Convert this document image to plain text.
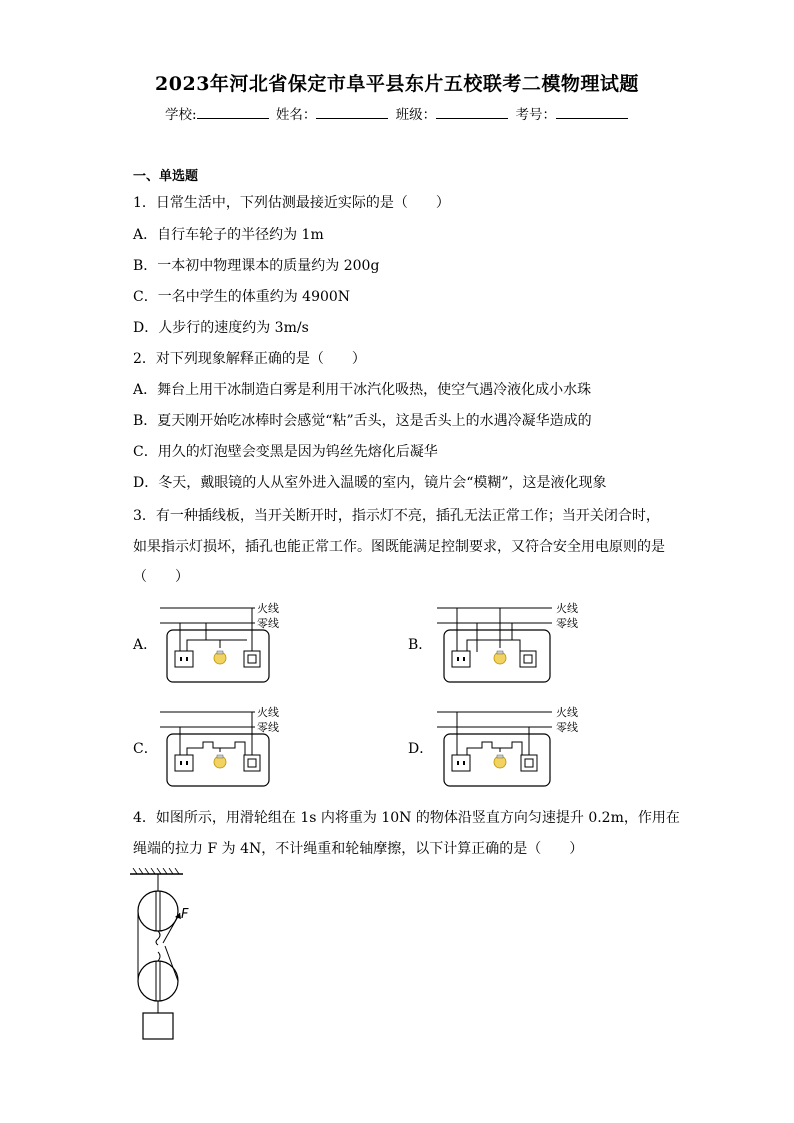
2023年河北省保定市阜平县东片五校联考二模物理试题
学校:	姓名：	班级：	考号：
一、单选题
1．日常生活中，下列估测最接近实际的是（　　）
A．自行车轮子的半径约为 1m
B．一本初中物理课本的质量约为 200g
C．一名中学生的体重约为 4900N
D．人步行的速度约为 3m/s
2．对下列现象解释正确的是（　　）
A．舞台上用干冰制造白雾是利用干冰汽化吸热，使空气遇冷液化成小水珠
B．夏天刚开始吃冰棒时会感觉“粘”舌头，这是舌头上的水遇冷凝华造成的
C．用久的灯泡壁会变黑是因为钨丝先熔化后凝华
D．冬天，戴眼镜的人从室外进入温暖的室内，镜片会“模糊”，这是液化现象
3．有一种插线板，当开关断开时，指示灯不亮，插孔无法正常工作；当开关闭合时，
如果指示灯损坏，插孔也能正常工作。图既能满足控制要求，又符合安全用电原则的是
（　　）
A．	B．
C．	D．
火线
零线
火线
零线
火线
零线
火线
零线
4．如图所示，用滑轮组在 1s 内将重为 10N 的物体沿竖直方向匀速提升 0.2m，作用在
绳端的拉力 F 为 4N，不计绳重和轮轴摩擦，以下计算正确的是（　　）
F
